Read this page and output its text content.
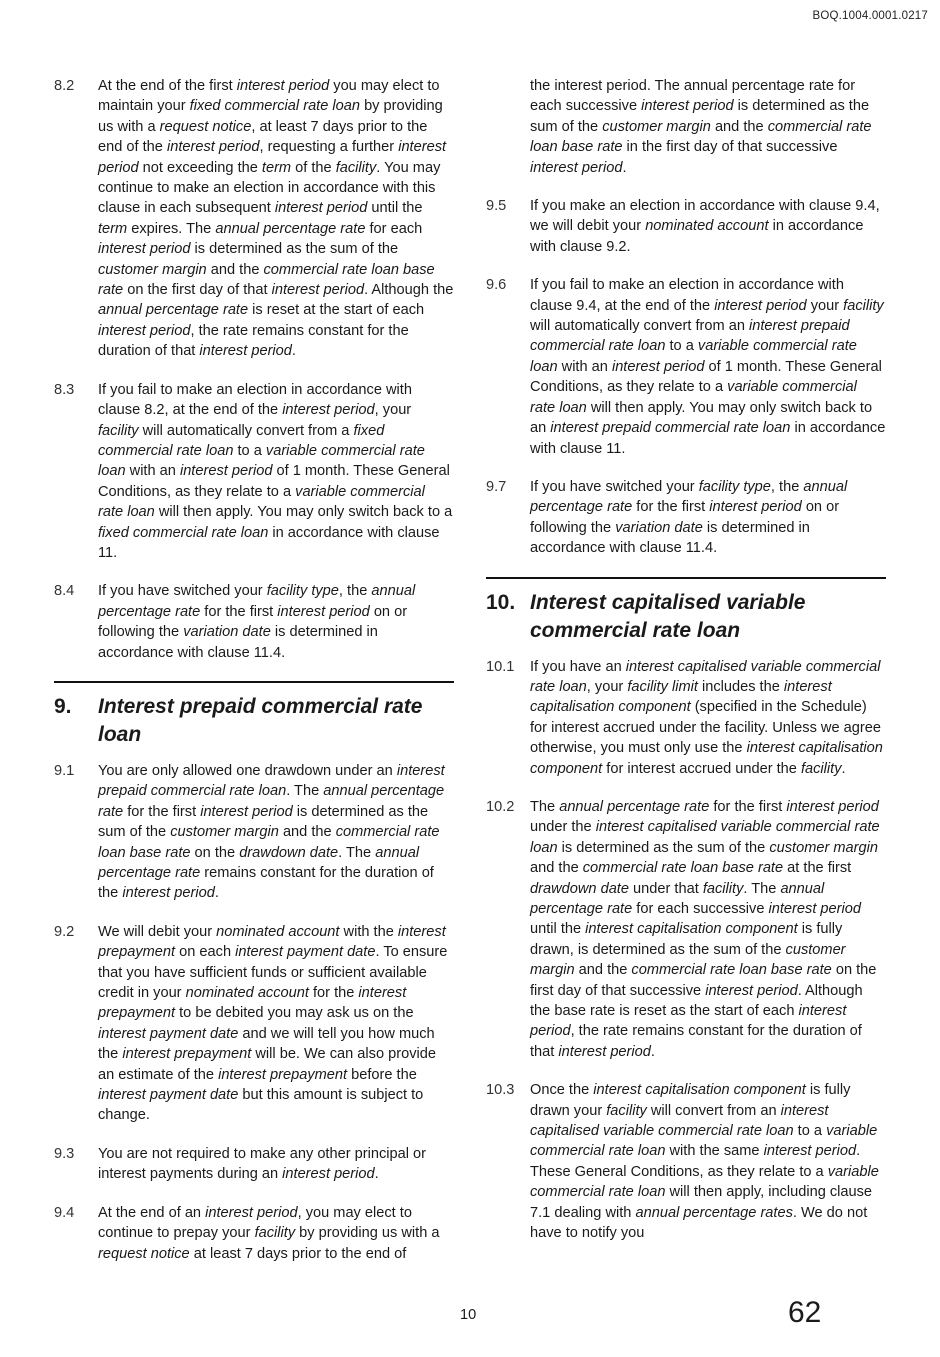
BOQ.1004.0001.0217
8.2	At the end of the first interest period you may elect to maintain your fixed commercial rate loan by providing us with a request notice, at least 7 days prior to the end of the interest period, requesting a further interest period not exceeding the term of the facility. You may continue to make an election in accordance with this clause in each subsequent interest period until the term expires. The annual percentage rate for each interest period is determined as the sum of the customer margin and the commercial rate loan base rate on the first day of that interest period. Although the annual percentage rate is reset at the start of each interest period, the rate remains constant for the duration of that interest period.
8.3	If you fail to make an election in accordance with clause 8.2, at the end of the interest period, your facility will automatically convert from a fixed commercial rate loan to a variable commercial rate loan with an interest period of 1 month. These General Conditions, as they relate to a variable commercial rate loan will then apply. You may only switch back to a fixed commercial rate loan in accordance with clause 11.
8.4	If you have switched your facility type, the annual percentage rate for the first interest period on or following the variation date is determined in accordance with clause 11.4.
9.	Interest prepaid commercial rate loan
9.1	You are only allowed one drawdown under an interest prepaid commercial rate loan. The annual percentage rate for the first interest period is determined as the sum of the customer margin and the commercial rate loan base rate on the drawdown date. The annual percentage rate remains constant for the duration of the interest period.
9.2	We will debit your nominated account with the interest prepayment on each interest payment date. To ensure that you have sufficient funds or sufficient available credit in your nominated account for the interest prepayment to be debited you may ask us on the interest payment date and we will tell you how much the interest prepayment will be. We can also provide an estimate of the interest prepayment before the interest payment date but this amount is subject to change.
9.3	You are not required to make any other principal or interest payments during an interest period.
9.4	At the end of an interest period, you may elect to continue to prepay your facility by providing us with a request notice at least 7 days prior to the end of
the interest period. The annual percentage rate for each successive interest period is determined as the sum of the customer margin and the commercial rate loan base rate in the first day of that successive interest period.
9.5	If you make an election in accordance with clause 9.4, we will debit your nominated account in accordance with clause 9.2.
9.6	If you fail to make an election in accordance with clause 9.4, at the end of the interest period your facility will automatically convert from an interest prepaid commercial rate loan to a variable commercial rate loan with an interest period of 1 month. These General Conditions, as they relate to a variable commercial rate loan will then apply. You may only switch back to an interest prepaid commercial rate loan in accordance with clause 11.
9.7	If you have switched your facility type, the annual percentage rate for the first interest period on or following the variation date is determined in accordance with clause 11.4.
10. Interest capitalised variable commercial rate loan
10.1	If you have an interest capitalised variable commercial rate loan, your facility limit includes the interest capitalisation component (specified in the Schedule) for interest accrued under the facility. Unless we agree otherwise, you must only use the interest capitalisation component for interest accrued under the facility.
10.2	The annual percentage rate for the first interest period under the interest capitalised variable commercial rate loan is determined as the sum of the customer margin and the commercial rate loan base rate at the first drawdown date under that facility. The annual percentage rate for each successive interest period until the interest capitalisation component is fully drawn, is determined as the sum of the customer margin and the commercial rate loan base rate on the first day of that successive interest period. Although the base rate is reset as the start of each interest period, the rate remains constant for the duration of that interest period.
10.3	Once the interest capitalisation component is fully drawn your facility will convert from an interest capitalised variable commercial rate loan to a variable commercial rate loan with the same interest period. These General Conditions, as they relate to a variable commercial rate loan will then apply, including clause 7.1 dealing with annual percentage rates. We do not have to notify you
10	62
